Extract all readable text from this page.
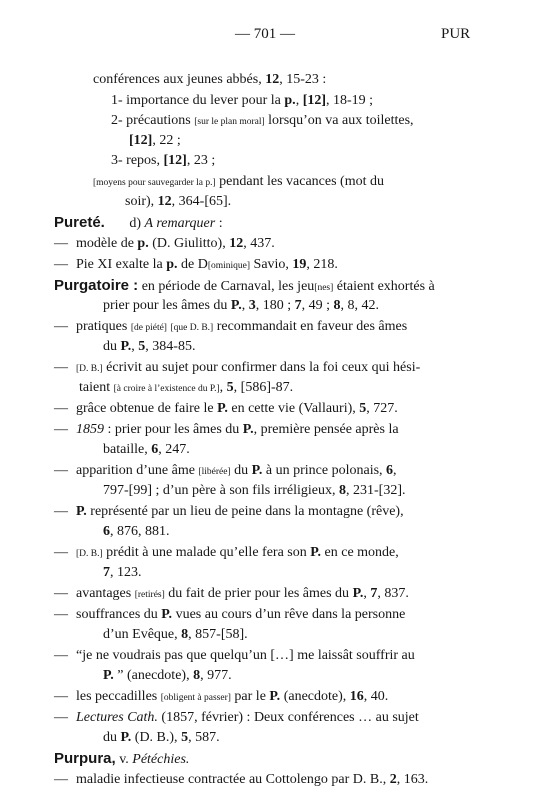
— 701 —	PUR
conférences aux jeunes abbés, 12, 15-23 :
1- importance du lever pour la p., [12], 18-19 ;
2- précautions [sur le plan moral] lorsqu’on va aux toilettes,
[12], 22 ;
3- repos, [12], 23 ;
[moyens pour sauvegarder la p.] pendant les vacances (mot du
soir), 12, 364-[65].
Pureté.       d) A remarquer :
— modèle de p. (D. Giulitto), 12, 437.
— Pie XI exalte la p. de D[ominique] Savio, 19, 218.
Purgatoire : en période de Carnaval, les jeu[nes] étaient exhortés à
prier pour les âmes du P., 3, 180 ; 7, 49 ; 8, 8, 42.
— pratiques [de piété] [que D. B.] recommandait en faveur des âmes
du P., 5, 384-85.
— [D. B.] écrivit au sujet pour confirmer dans la foi ceux qui hési-
taient [à croire à l’existence du P.], 5, [586]-87.
— grâce obtenue de faire le P. en cette vie (Vallauri), 5, 727.
— 1859 : prier pour les âmes du P., première pensée après la
bataille, 6, 247.
— apparition d’une âme [libérée] du P. à un prince polonais, 6,
797-[99] ; d’un père à son fils irréligieux, 8, 231-[32].
— P. représenté par un lieu de peine dans la montagne (rêve),
6, 876, 881.
— [D. B.] prédit à une malade qu’elle fera son P. en ce monde,
7, 123.
— avantages [retirés] du fait de prier pour les âmes du P., 7, 837.
— souffrances du P. vues au cours d’un rêve dans la personne
d’un Evêque, 8, 857-[58].
— “je ne voudrais pas que quelqu’un […] me laissât souffrir au
P. ” (anecdote), 8, 977.
— les peccadilles [obligent à passer] par le P. (anecdote), 16, 40.
— Lectures Cath. (1857, février) : Deux conférences … au sujet
du P. (D. B.), 5, 587.
Purpura, v. Pétéchies.
— maladie infectieuse contractée au Cottolengo par D. B., 2, 163.
